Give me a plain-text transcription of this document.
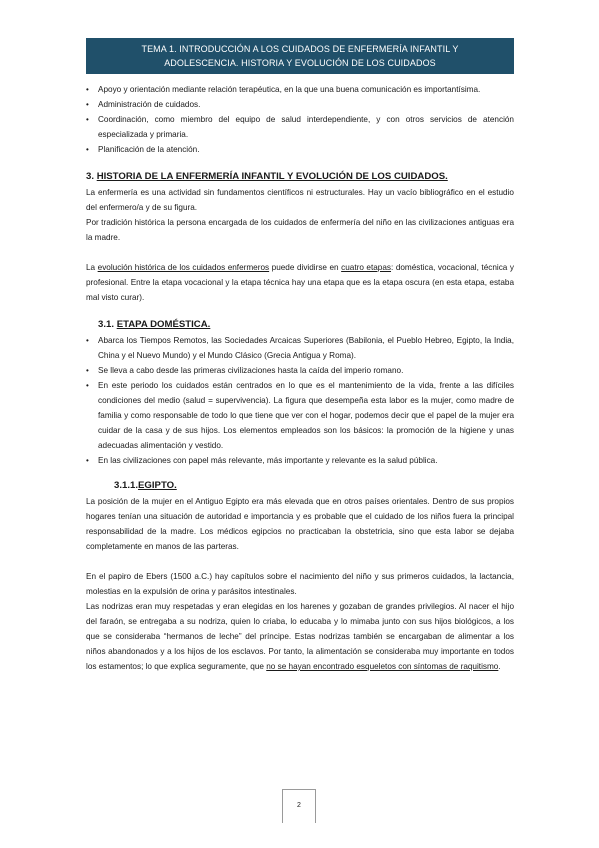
TEMA 1. INTRODUCCIÓN A LOS CUIDADOS DE ENFERMERÍA INFANTIL Y
ADOLESCENCIA. HISTORIA Y EVOLUCIÓN DE LOS CUIDADOS
•	Apoyo y orientación mediante relación terapéutica, en la que una buena comunicación es importantísima.
•	Administración de cuidados.
•	Coordinación, como miembro del equipo de salud interdependiente, y con otros servicios de atención especializada y primaria.
•	Planificación de la atención.
3. HISTORIA DE LA ENFERMERÍA INFANTIL Y EVOLUCIÓN DE LOS CUIDADOS.

La enfermería es una actividad sin fundamentos científicos ni estructurales. Hay un vacío bibliográfico en el estudio del enfermero/a y de su figura.

Por tradición histórica la persona encargada de los cuidados de enfermería del niño en las civilizaciones antiguas era la madre.

La evolución histórica de los cuidados enfermeros puede dividirse en cuatro etapas: doméstica, vocacional, técnica y profesional. Entre la etapa vocacional y la etapa técnica hay una etapa que es la etapa oscura (en esta etapa, estaba mal visto curar).

3.1. ETAPA DOMÉSTICA.
•	Abarca los Tiempos Remotos, las Sociedades Arcaicas Superiores (Babilonia, el Pueblo Hebreo, Egipto, la India, China y el Nuevo Mundo) y el Mundo Clásico (Grecia Antigua y Roma).
•	Se lleva a cabo desde las primeras civilizaciones hasta la caída del imperio romano.
•	En este periodo los cuidados están centrados en lo que es el mantenimiento de la vida, frente a las difíciles condiciones del medio (salud = supervivencia). La figura que desempeña esta labor es la mujer, como madre de familia y como responsable de todo lo que tiene que ver con el hogar, podemos decir que el papel de la mujer era cuidar de la casa y de sus hijos. Los elementos empleados son los básicos: la promoción de la higiene y unas adecuadas alimentación y vestido.
•	En las civilizaciones con papel más relevante, más importante y relevante es la salud pública.
3.1.1.EGIPTO.

La posición de la mujer en el Antiguo Egipto era más elevada que en otros países orientales. Dentro de sus propios hogares tenían una situación de autoridad e importancia y es probable que el cuidado de los niños fuera la principal responsabilidad de la madre. Los médicos egipcios no practicaban la obstetricia, sino que esta labor se dejaba completamente en manos de las parteras.

En el papiro de Ebers (1500 a.C.) hay capítulos sobre el nacimiento del niño y sus primeros cuidados, la lactancia, molestias en la expulsión de orina y parásitos intestinales.

Las nodrizas eran muy respetadas y eran elegidas en los harenes y gozaban de grandes privilegios. Al nacer el hijo del faraón, se entregaba a su nodriza, quien lo criaba, lo educaba y lo mimaba junto con sus hijos biológicos, a los que se consideraba “hermanos de leche” del príncipe. Estas nodrizas también se encargaban de alimentar a los niños abandonados y a los hijos de los esclavos. Por tanto, la alimentación se consideraba muy importante en todos los estamentos; lo que explica seguramente, que no se hayan encontrado esqueletos con síntomas de raquitismo.

2
